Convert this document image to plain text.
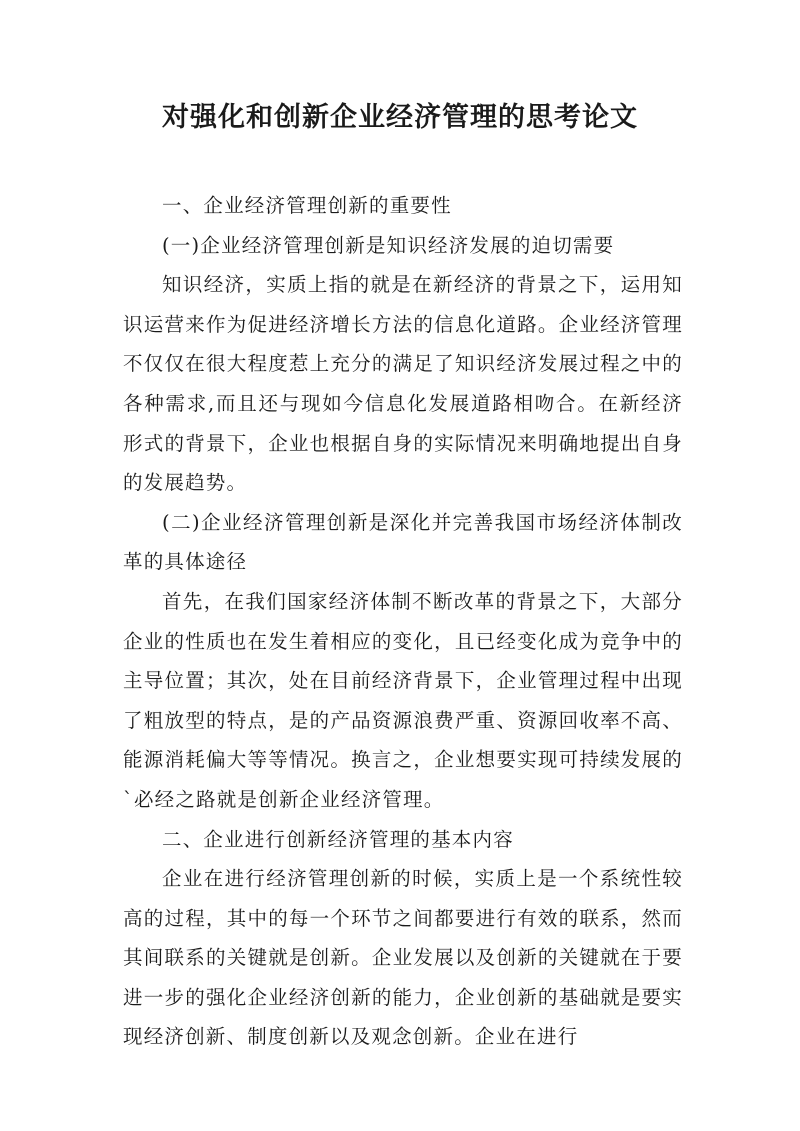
对强化和创新企业经济管理的思考论文

一、企业经济管理创新的重要性

(一)企业经济管理创新是知识经济发展的迫切需要

知识经济，实质上指的就是在新经济的背景之下，运用知识运营来作为促进经济增长方法的信息化道路。企业经济管理不仅仅在很大程度惹上充分的满足了知识经济发展过程之中的各种需求,而且还与现如今信息化发展道路相吻合。在新经济形式的背景下，企业也根据自身的实际情况来明确地提出自身的发展趋势。

(二)企业经济管理创新是深化并完善我国市场经济体制改革的具体途径

首先，在我们国家经济体制不断改革的背景之下，大部分企业的性质也在发生着相应的变化，且已经变化成为竞争中的主导位置；其次，处在目前经济背景下，企业管理过程中出现了粗放型的特点，是的产品资源浪费严重、资源回收率不高、能源消耗偏大等等情况。换言之，企业想要实现可持续发展的`必经之路就是创新企业经济管理。

二、企业进行创新经济管理的基本内容

企业在进行经济管理创新的时候，实质上是一个系统性较高的过程，其中的每一个环节之间都要进行有效的联系，然而其间联系的关键就是创新。企业发展以及创新的关键就在于要进一步的强化企业经济创新的能力，企业创新的基础就是要实现经济创新、制度创新以及观念创新。企业在进行
